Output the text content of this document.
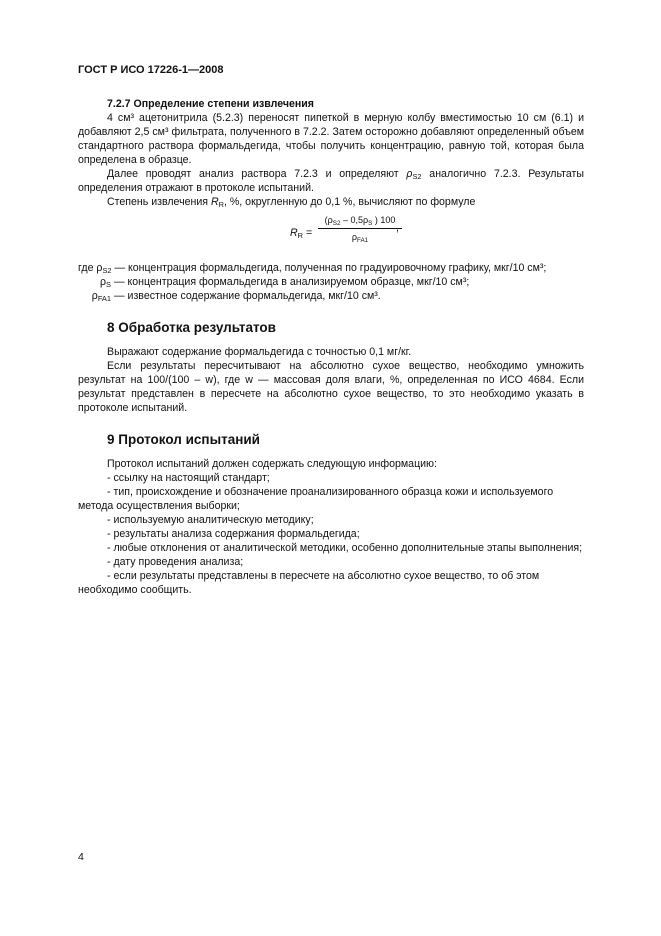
ГОСТ Р ИСО 17226-1—2008

7.2.7 Определение степени извлечения

4 см³ ацетонитрила (5.2.3) переносят пипеткой в мерную колбу вместимостью 10 см (6.1) и добавляют 2,5 см³ фильтрата, полученного в 7.2.2. Затем осторожно добавляют определенный объем стандартного раствора формальдегида, чтобы получить концентрацию, равную той, которая была определена в образце.

Далее проводят анализ раствора 7.2.3 и определяют $\rho_{S2}$ аналогично 7.2.3. Результаты определения отражают в протоколе испытаний.

Степень извлечения $R_R$, %, округленную до 0,1 %, вычисляют по формуле

$R_R$ =
($\rho_{S2} - 0,5\rho_S$ ) 100
$\rho_{FA1}$
,

где $\rho_{S2}$ — концентрация формальдегида, полученная по градуировочному графику, мкг/10 см³;

$\rho_S$ — концентрация формальдегида в анализируемом образце, мкг/10 см³;

$\rho_{FA1}$ — известное содержание формальдегида, мкг/10 см³.

8 Обработка результатов

Выражают содержание формальдегида с точностью 0,1 мг/кг.

Если результаты пересчитывают на абсолютно сухое вещество, необходимо умножить результат на 100/(100 – w), где w — массовая доля влаги, %, определенная по ИСО 4684. Если результат представлен в пересчете на абсолютно сухое вещество, то это необходимо указать в протоколе испытаний.

9 Протокол испытаний

Протокол испытаний должен содержать следующую информацию:

- ссылку на настоящий стандарт;

- тип, происхождение и обозначение проанализированного образца кожи и используемого метода осуществления выборки;

- используемую аналитическую методику;

- результаты анализа содержания формальдегида;

- любые отклонения от аналитической методики, особенно дополнительные этапы выполнения;

- дату проведения анализа;

- если результаты представлены в пересчете на абсолютно сухое вещество, то об этом необходимо сообщить.

4
